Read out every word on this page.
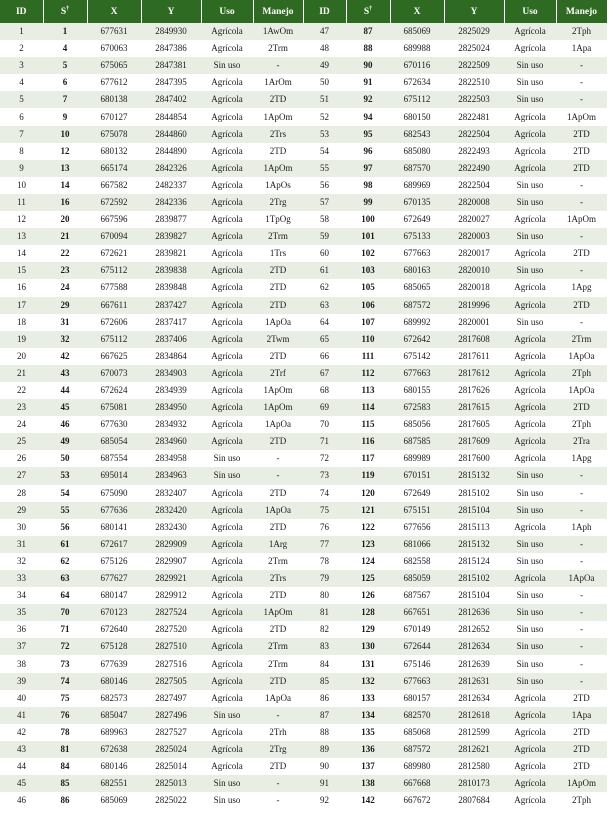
ID	S†	X	Y	Uso	Manejo	ID	S†	X	Y	Uso	Manejo
1	1	677631	2849930	Agrícola	1AwOm	47	87	685069	2825029	Agrícola	2Tph
2	4	670063	2847386	Agrícola	2Trm	48	88	689988	2825024	Agrícola	1Apa
3	5	675065	2847381	Sin uso	-	49	90	670116	2822509	Sin uso	-
4	6	677612	2847395	Agrícola	1ArOm	50	91	672634	2822510	Sin uso	-
5	7	680138	2847402	Agrícola	2TD	51	92	675112	2822503	Sin uso	-
6	9	670127	2844854	Agrícola	1ApOm	52	94	680150	2822481	Agrícola	1ApOm
7	10	675078	2844860	Agrícola	2Trs	53	95	682543	2822504	Agrícola	2TD
8	12	680132	2844890	Agrícola	2TD	54	96	685080	2822493	Agrícola	2TD
9	13	665174	2842326	Agrícola	1ApOm	55	97	687570	2822490	Agrícola	2TD
10	14	667582	2482337	Agrícola	1ApOs	56	98	689969	2822504	Sin uso	-
11	16	672592	2842336	Agrícola	2Trg	57	99	670135	2820008	Sin uso	-
12	20	667596	2839877	Agrícola	1TpOg	58	100	672649	2820027	Agrícola	1ApOm
13	21	670094	2839827	Agrícola	2Trm	59	101	675133	2820003	Sin uso	-
14	22	672621	2839821	Agrícola	1Trs	60	102	677663	2820017	Agrícola	2TD
15	23	675112	2839838	Agrícola	2TD	61	103	680163	2820010	Sin uso	-
16	24	677588	2839848	Agrícola	2TD	62	105	685065	2820018	Agrícola	1Apg
17	29	667611	2837427	Agrícola	2TD	63	106	687572	2819996	Agrícola	2TD
18	31	672606	2837417	Agrícola	1ApOa	64	107	689992	2820001	Sin uso	-
19	32	675112	2837406	Agrícola	2Twm	65	110	672642	2817608	Agrícola	2Trm
20	42	667625	2834864	Agrícola	2TD	66	111	675142	2817611	Agrícola	1ApOa
21	43	670073	2834903	Agrícola	2Trf	67	112	677663	2817612	Agrícola	2Tph
22	44	672624	2834939	Agrícola	1ApOm	68	113	680155	2817626	Agrícola	1ApOa
23	45	675081	2834950	Agrícola	1ApOm	69	114	672583	2817615	Agrícola	2TD
24	46	677630	2834932	Agrícola	1ApOa	70	115	685056	2817605	Agrícola	2Tph
25	49	685054	2834960	Agrícola	2TD	71	116	687585	2817609	Agrícola	2Tra
26	50	687554	2834958	Sin uso	-	72	117	689989	2817600	Agrícola	1Apg
27	53	695014	2834963	Sin uso	-	73	119	670151	2815132	Sin uso	-
28	54	675090	2832407	Agrícola	2TD	74	120	672649	2815102	Sin uso	-
29	55	677636	2832420	Agrícola	1ApOa	75	121	675151	2815104	Sin uso	-
30	56	680141	2832430	Agrícola	2TD	76	122	677656	2815113	Agrícola	1Aph
31	61	672617	2829909	Agrícola	1Arg	77	123	681066	2815132	Sin uso	-
32	62	675126	2829907	Agrícola	2Trm	78	124	682558	2815124	Sin uso	-
33	63	677627	2829921	Agrícola	2Trs	79	125	685059	2815102	Agrícola	1ApOa
34	64	680147	2829912	Agrícola	2TD	80	126	687567	2815104	Sin uso	-
35	70	670123	2827524	Agrícola	1ApOm	81	128	667651	2812636	Sin uso	-
36	71	672640	2827520	Agrícola	2TD	82	129	670149	2812652	Sin uso	-
37	72	675128	2827510	Agrícola	2Trm	83	130	672644	2812634	Sin uso	-
38	73	677639	2827516	Agrícola	2Trm	84	131	675146	2812639	Sin uso	-
39	74	680146	2827505	Agrícola	2TD	85	132	677663	2812631	Sin uso	-
40	75	682573	2827497	Agrícola	1ApOa	86	133	680157	2812634	Agrícola	2TD
41	76	685047	2827496	Sin uso	-	87	134	682570	2812618	Agrícola	1Apa
42	78	689963	2827527	Agrícola	2Trh	88	135	685068	2812599	Agrícola	2TD
43	81	672638	2825024	Agrícola	2Trg	89	136	687572	2812621	Agrícola	2TD
44	84	680146	2825014	Agrícola	2TD	90	137	689980	2812580	Agrícola	2TD
45	85	682551	2825013	Sin uso	-	91	138	667668	2810173	Agrícola	1ApOm
46	86	685069	2825022	Sin uso	-	92	142	667672	2807684	Agrícola	2Tph
